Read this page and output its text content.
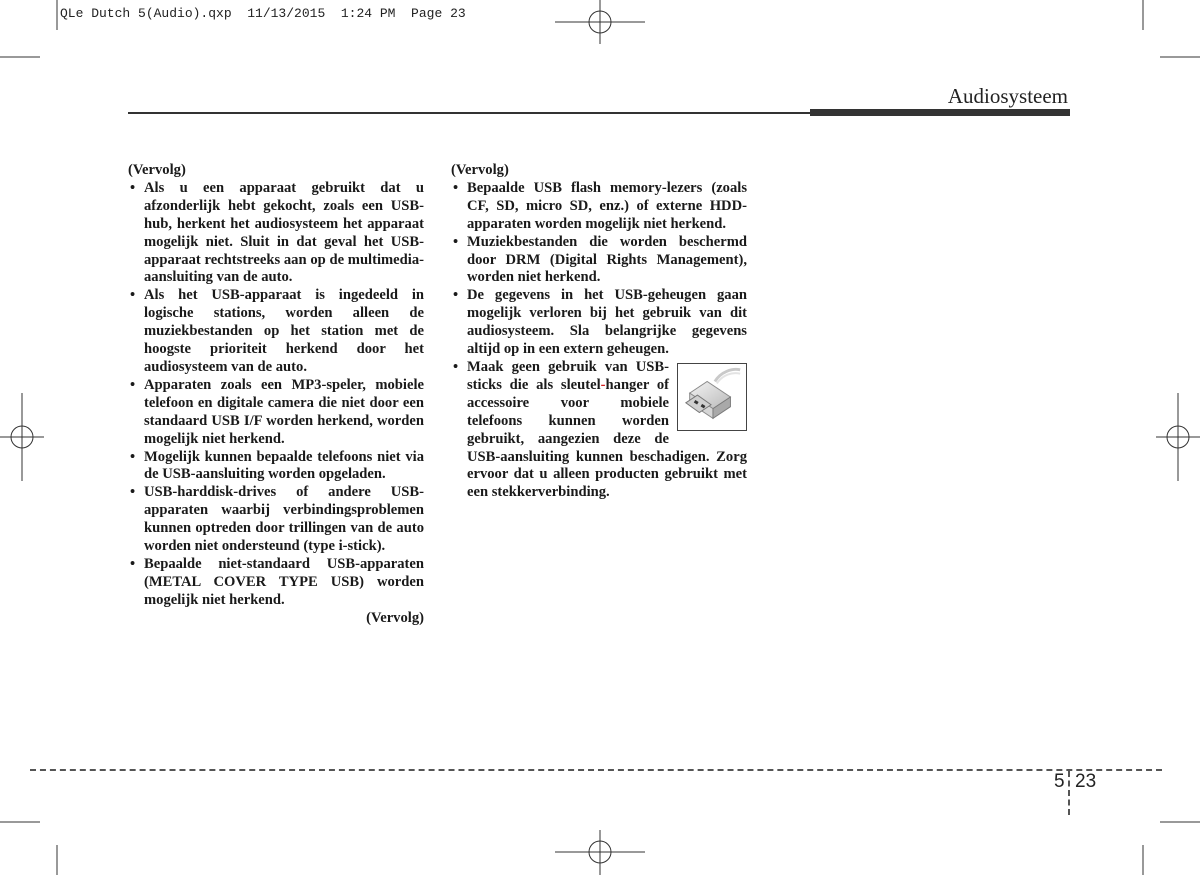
QLe Dutch 5(Audio).qxp  11/13/2015  1:24 PM  Page 23
Audiosysteem

(Vervolg)

• Als u een apparaat gebruikt dat u afzonderlijk hebt gekocht, zoals een USB-hub, herkent het audiosysteem het apparaat mogelijk niet. Sluit in dat geval het USB-apparaat rechtstreeks aan op de multimedia-aansluiting van de auto.
• Als het USB-apparaat is ingedeeld in logische stations, worden alleen de muziekbestanden op het station met de hoogste prioriteit herkend door het audiosysteem van de auto.
• Apparaten zoals een MP3-speler, mobiele telefoon en digitale camera die niet door een standaard USB I/F worden herkend, worden mogelijk niet herkend.
• Mogelijk kunnen bepaalde telefoons niet via de USB-aansluiting worden opgeladen.
• USB-harddisk-drives of andere USB-apparaten waarbij verbindingsproblemen kunnen optreden door trillingen van de auto worden niet ondersteund (type i-stick).
• Bepaalde niet-standaard USB-apparaten (METAL COVER TYPE USB) worden mogelijk niet herkend.

(Vervolg)

(Vervolg)

• Bepaalde USB flash memory-lezers (zoals CF, SD, micro SD, enz.) of externe HDD-apparaten worden mogelijk niet herkend.
• Muziekbestanden die worden beschermd door DRM (Digital Rights Management), worden niet herkend.
• De gegevens in het USB-geheugen gaan mogelijk verloren bij het gebruik van dit audiosysteem. Sla belangrijke gegevens altijd op in een extern geheugen.
• Maak geen gebruik van USB-sticks die als sleutel-hanger of accessoire voor mobiele telefoons kunnen worden gebruikt, aangezien deze de USB-aansluiting kunnen beschadigen. Zorg ervoor dat u alleen producten gebruikt met een stekkerverbinding.
5 23
